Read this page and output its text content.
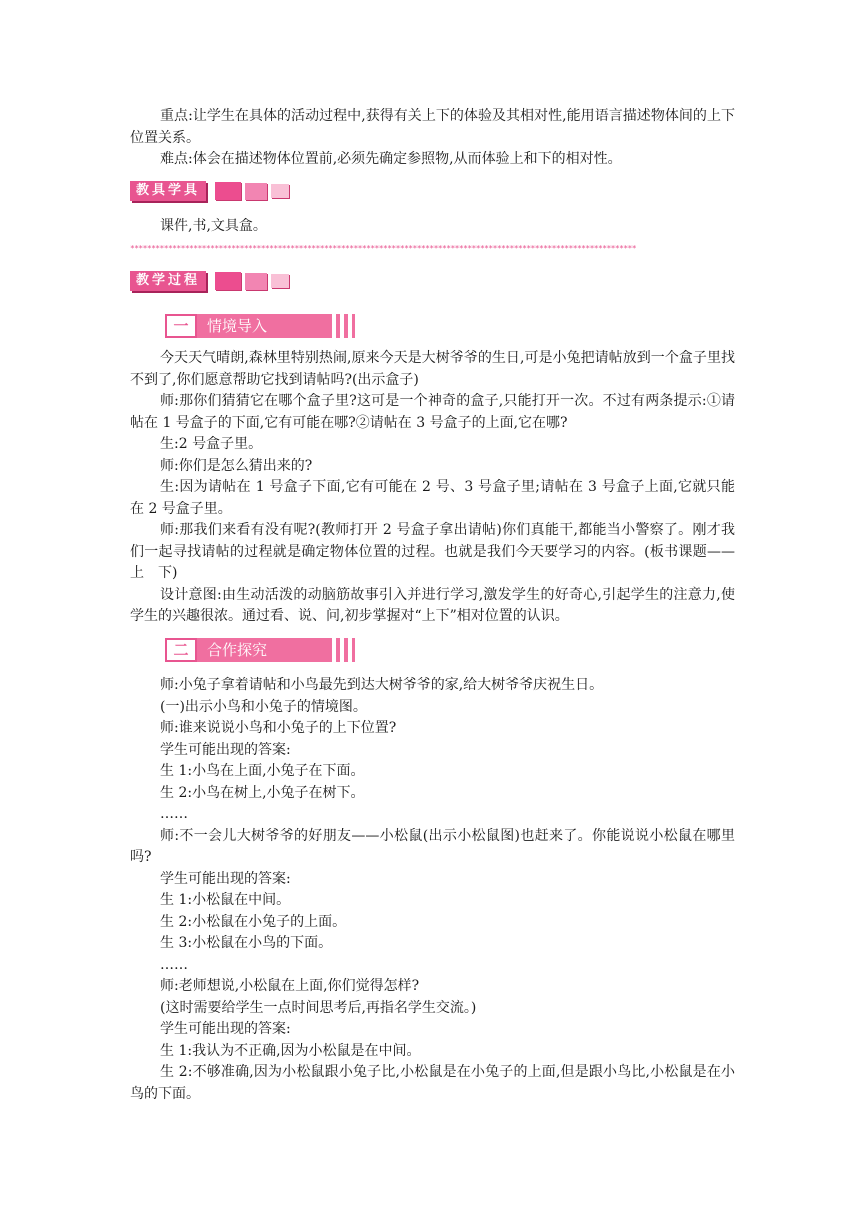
重点:让学生在具体的活动过程中,获得有关上下的体验及其相对性,能用语言描述物体间的上下位置关系。

难点:体会在描述物体位置前,必须先确定参照物,从而体验上和下的相对性。

教具学具

课件,书,文具盒。

************************************************************************************************************************
教学过程
一	情境导入

今天天气晴朗,森林里特别热闹,原来今天是大树爷爷的生日,可是小兔把请帖放到一个盒子里找不到了,你们愿意帮助它找到请帖吗?(出示盒子)

师:那你们猜猜它在哪个盒子里?这可是一个神奇的盒子,只能打开一次。不过有两条提示:①请帖在 1 号盒子的下面,它有可能在哪?②请帖在 3 号盒子的上面,它在哪?

生:2 号盒子里。

师:你们是怎么猜出来的?

生:因为请帖在 1 号盒子下面,它有可能在 2 号、3 号盒子里;请帖在 3 号盒子上面,它就只能在 2 号盒子里。

师:那我们来看有没有呢?(教师打开 2 号盒子拿出请帖)你们真能干,都能当小警察了。刚才我们一起寻找请帖的过程就是确定物体位置的过程。也就是我们今天要学习的内容。(板书课题——上　下)

设计意图:由生动活泼的动脑筋故事引入并进行学习,激发学生的好奇心,引起学生的注意力,使学生的兴趣很浓。通过看、说、问,初步掌握对“上下”相对位置的认识。

二	合作探究

师:小兔子拿着请帖和小鸟最先到达大树爷爷的家,给大树爷爷庆祝生日。

(一)出示小鸟和小兔子的情境图。

师:谁来说说小鸟和小兔子的上下位置?

学生可能出现的答案:

生 1:小鸟在上面,小兔子在下面。

生 2:小鸟在树上,小兔子在树下。

……

师:不一会儿大树爷爷的好朋友——小松鼠(出示小松鼠图)也赶来了。你能说说小松鼠在哪里吗?

学生可能出现的答案:

生 1:小松鼠在中间。

生 2:小松鼠在小兔子的上面。

生 3:小松鼠在小鸟的下面。

……

师:老师想说,小松鼠在上面,你们觉得怎样?

(这时需要给学生一点时间思考后,再指名学生交流。)

学生可能出现的答案:

生 1:我认为不正确,因为小松鼠是在中间。

生 2:不够准确,因为小松鼠跟小兔子比,小松鼠是在小兔子的上面,但是跟小鸟比,小松鼠是在小鸟的下面。
